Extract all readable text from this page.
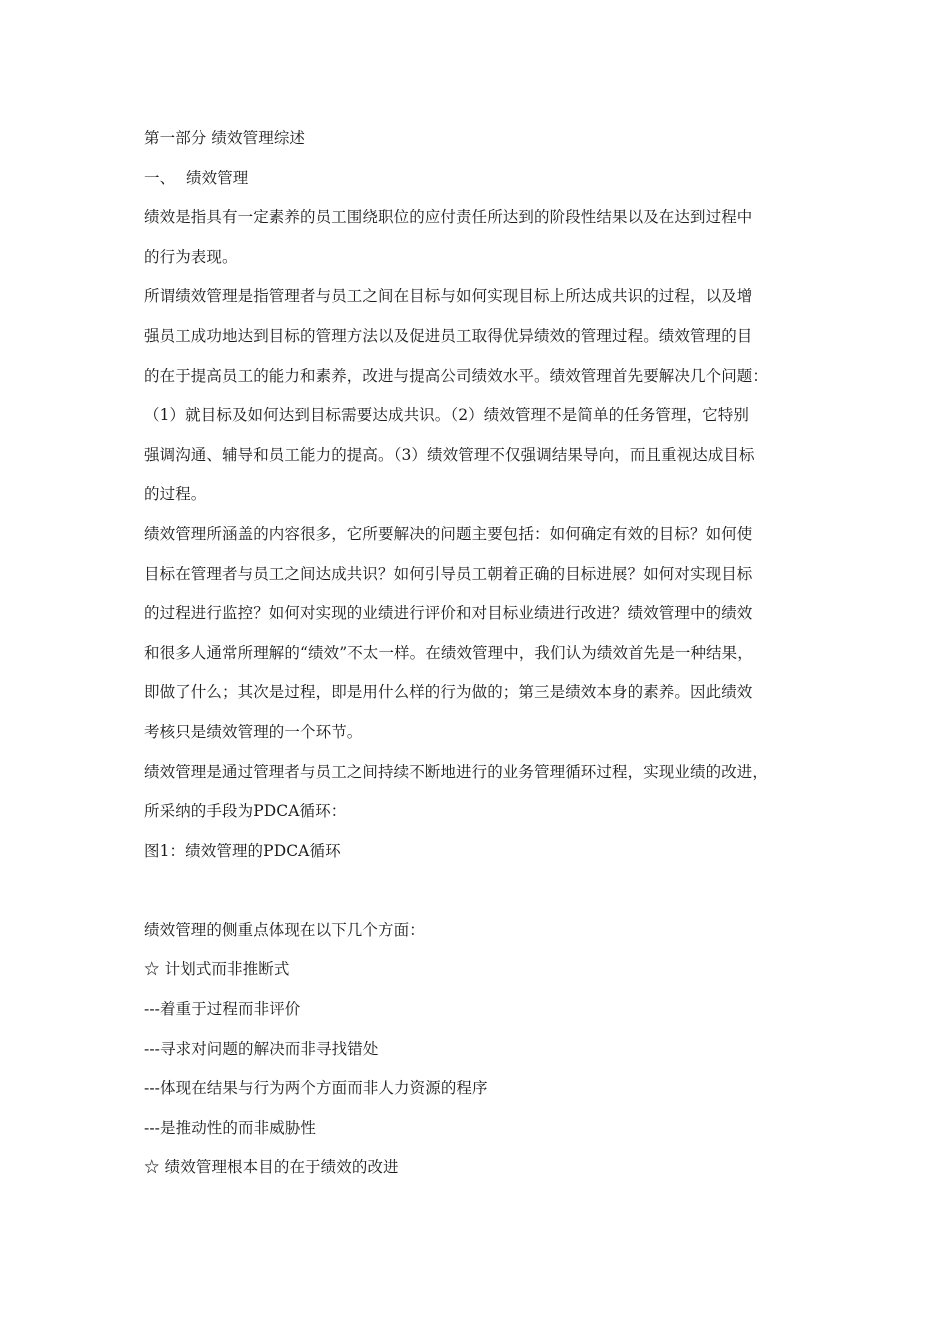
第一部分 绩效管理综述
一、 绩效管理
绩效是指具有一定素养的员工围绕职位的应付责任所达到的阶段性结果以及在达到过程中
的行为表现。
所谓绩效管理是指管理者与员工之间在目标与如何实现目标上所达成共识的过程，以及增
强员工成功地达到目标的管理方法以及促进员工取得优异绩效的管理过程。绩效管理的目
的在于提高员工的能力和素养，改进与提高公司绩效水平。绩效管理首先要解决几个问题：
（1）就目标及如何达到目标需要达成共识。（2）绩效管理不是简单的任务管理，它特别
强调沟通、辅导和员工能力的提高。（3）绩效管理不仅强调结果导向，而且重视达成目标
的过程。
绩效管理所涵盖的内容很多，它所要解决的问题主要包括：如何确定有效的目标？如何使
目标在管理者与员工之间达成共识？如何引导员工朝着正确的目标进展？如何对实现目标
的过程进行监控？如何对实现的业绩进行评价和对目标业绩进行改进？绩效管理中的绩效
和很多人通常所理解的“绩效”不太一样。在绩效管理中，我们认为绩效首先是一种结果，
即做了什么；其次是过程，即是用什么样的行为做的；第三是绩效本身的素养。因此绩效
考核只是绩效管理的一个环节。
绩效管理是通过管理者与员工之间持续不断地进行的业务管理循环过程，实现业绩的改进，
所采纳的手段为PDCA循环：
图1：绩效管理的PDCA循环
绩效管理的侧重点体现在以下几个方面：
☆ 计划式而非推断式
---着重于过程而非评价
---寻求对问题的解决而非寻找错处
---体现在结果与行为两个方面而非人力资源的程序
---是推动性的而非威胁性
☆ 绩效管理根本目的在于绩效的改进
